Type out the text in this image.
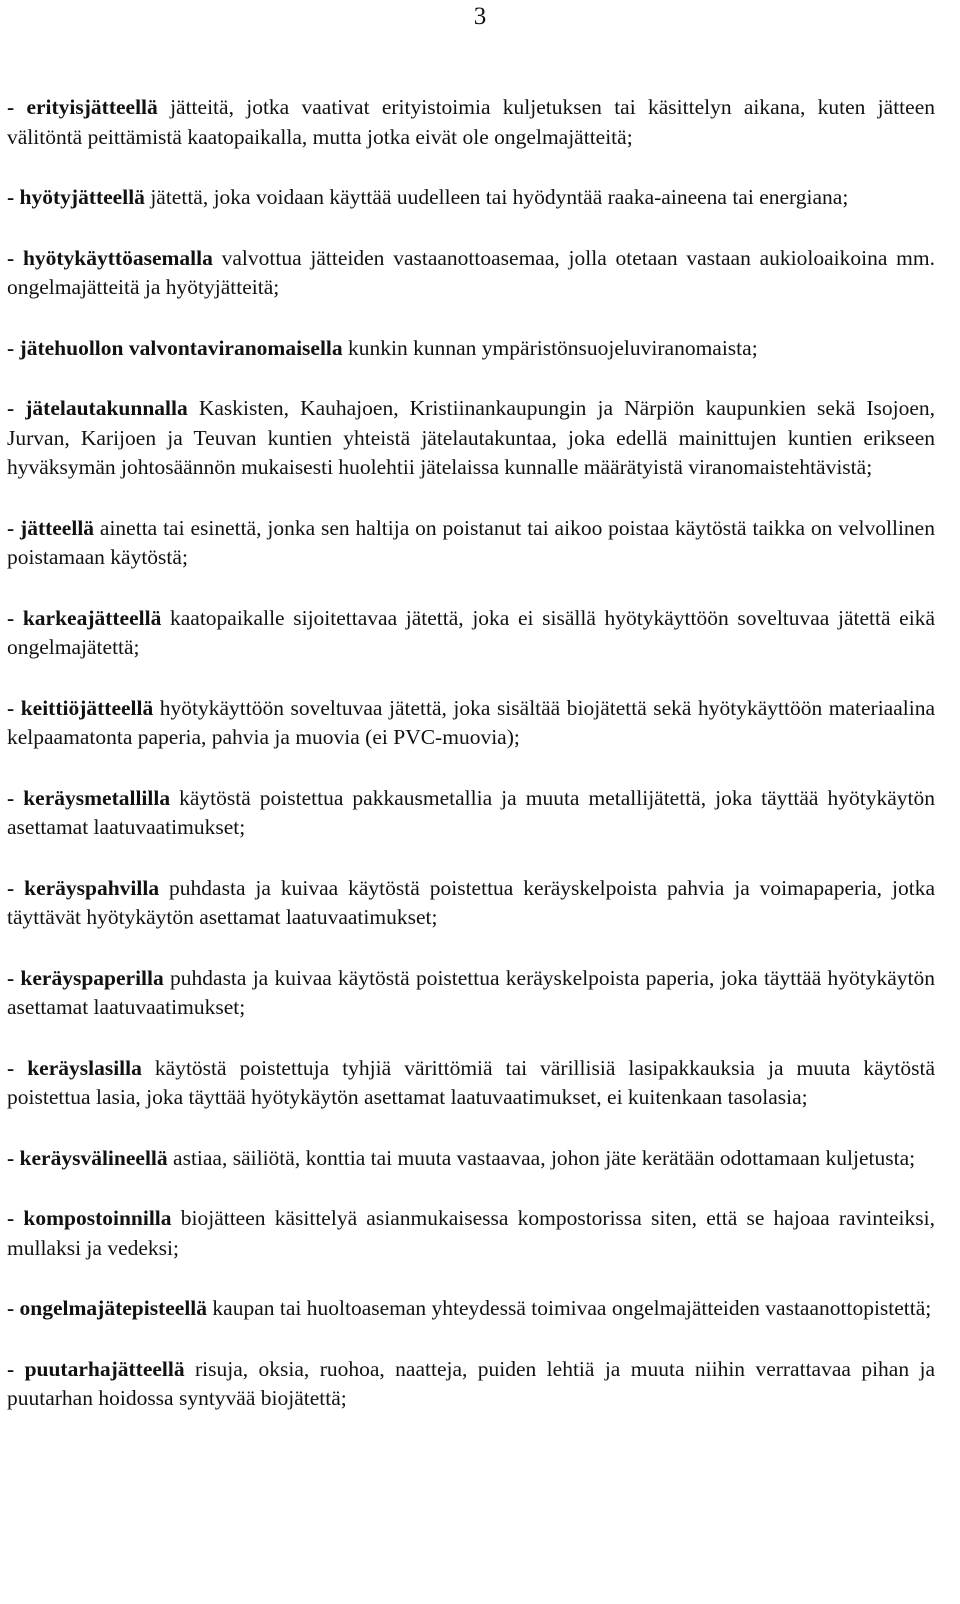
3

- erityisjätteellä jätteitä, jotka vaativat erityistoimia kuljetuksen tai käsittelyn aikana, kuten jätteen välitöntä peittämistä kaatopaikalla, mutta jotka eivät ole ongelmajätteitä;

- hyötyjätteellä jätettä, joka voidaan käyttää uudelleen tai hyödyntää raaka-aineena tai energiana;

- hyötykäyttöasemalla valvottua jätteiden vastaanottoasemaa, jolla otetaan vastaan aukioloaikoina mm. ongelmajätteitä ja hyötyjätteitä;

- jätehuollon valvontaviranomaisella kunkin kunnan ympäristönsuojeluviranomaista;

- jätelautakunnalla Kaskisten, Kauhajoen, Kristiinankaupungin ja Närpiön kaupunkien sekä Isojoen, Jurvan, Karijoen ja Teuvan kuntien yhteistä jätelautakuntaa, joka edellä mainittujen kuntien erikseen hyväksymän johtosäännön mukaisesti huolehtii jätelaissa kunnalle määrätyistä viranomaistehtävistä;

- jätteellä ainetta tai esinettä, jonka sen haltija on poistanut tai aikoo poistaa käytöstä taikka on velvollinen poistamaan käytöstä;

- karkeajätteellä kaatopaikalle sijoitettavaa jätettä, joka ei sisällä hyötykäyttöön soveltuvaa jätettä eikä ongelmajätettä;

- keittiöjätteellä hyötykäyttöön soveltuvaa jätettä, joka sisältää biojätettä sekä hyötykäyttöön materiaalina kelpaamatonta paperia, pahvia ja muovia (ei PVC-muovia);

- keräysmetallilla käytöstä poistettua pakkausmetallia ja muuta metallijätettä, joka täyttää hyötykäytön asettamat laatuvaatimukset;

- keräyspahvilla puhdasta ja kuivaa käytöstä poistettua keräyskelpoista pahvia ja voimapaperia, jotka täyttävät hyötykäytön asettamat laatuvaatimukset;

- keräyspaperilla puhdasta ja kuivaa käytöstä poistettua keräyskelpoista paperia, joka täyttää hyötykäytön asettamat laatuvaatimukset;

- keräyslasilla käytöstä poistettuja tyhjiä värittömiä tai värillisiä lasipakkauksia ja muuta käytöstä poistettua lasia, joka täyttää hyötykäytön asettamat laatuvaatimukset, ei kuitenkaan tasolasia;

- keräysvälineellä astiaa, säiliötä, konttia tai muuta vastaavaa, johon jäte kerätään odottamaan kuljetusta;

- kompostoinnilla biojätteen käsittelyä asianmukaisessa kompostorissa siten, että se hajoaa ravinteiksi, mullaksi ja vedeksi;

- ongelmajätepisteellä kaupan tai huoltoaseman yhteydessä toimivaa ongelmajätteiden vastaanottopistettä;

- puutarhajätteellä risuja, oksia, ruohoa, naatteja, puiden lehtiä ja muuta niihin verrattavaa pihan ja puutarhan hoidossa syntyvää biojätettä;
